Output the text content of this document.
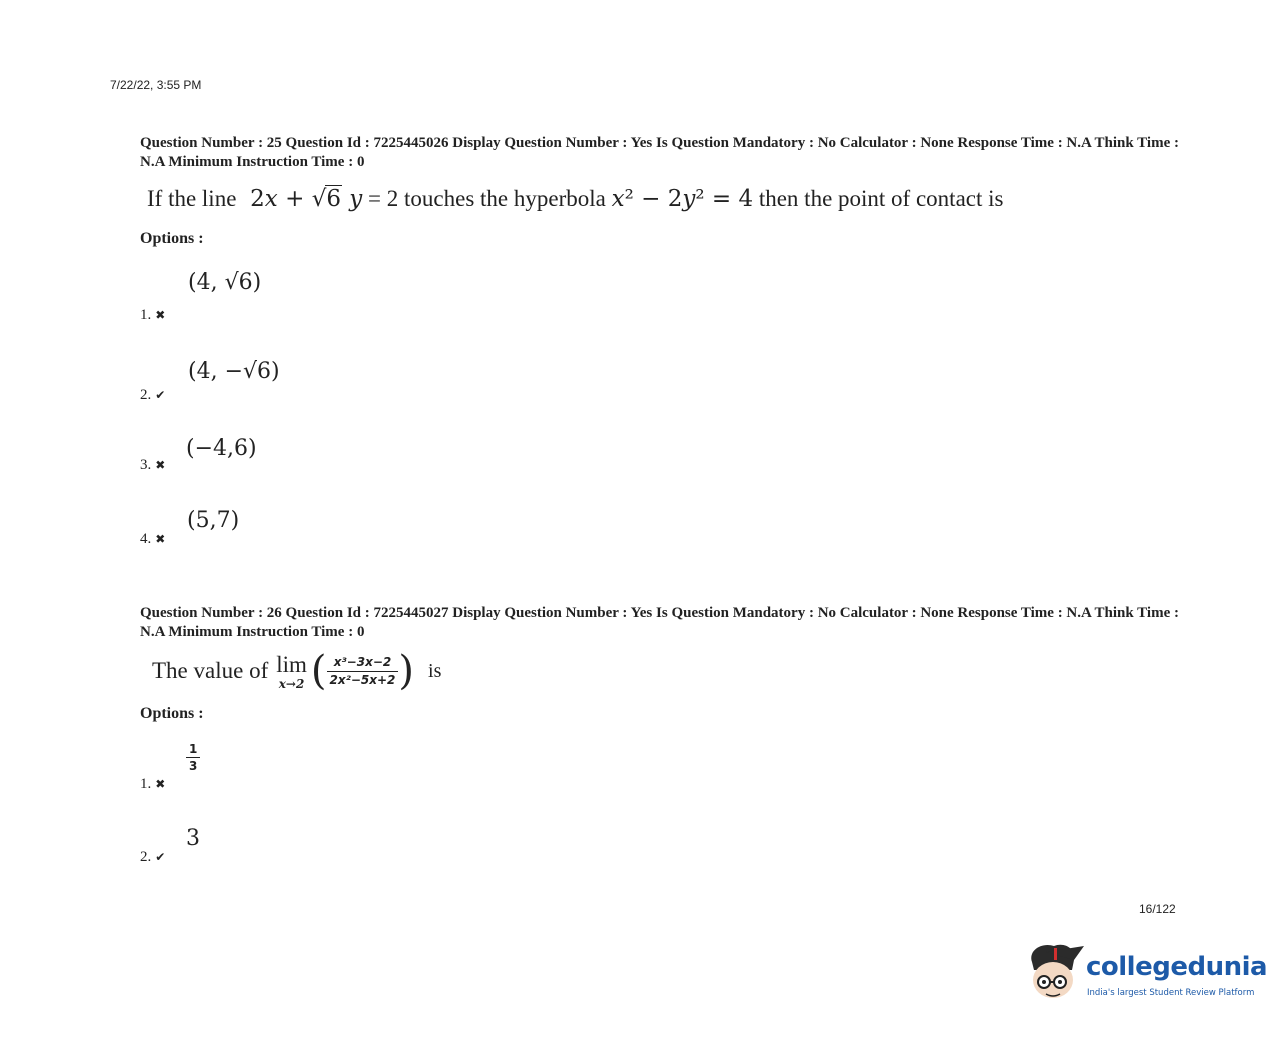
7/22/22, 3:55 PM
Question Number : 25 Question Id : 7225445026 Display Question Number : Yes Is Question Mandatory : No Calculator : None Response Time : N.A Think Time : N.A Minimum Instruction Time : 0
If the line 2x + √6 y = 2 touches the hyperbola x² − 2y² = 4 then the point of contact is
Options :
(4, √6)
1. ✖
(4, −√6)
2. ✔
(−4,6)
3. ✖
(5,7)
4. ✖
Question Number : 26 Question Id : 7225445027 Display Question Number : Yes Is Question Mandatory : No Calculator : None Response Time : N.A Think Time : N.A Minimum Instruction Time : 0
The value of lim
x→2 ( $\frac{\text{x³−3x−2}}{\text{2x²−5x+2}}$ ) is
Options :
$\frac{1}{3}$
1. ✖
3
2. ✔
16/122
collegedunia
India's largest Student Review Platform
